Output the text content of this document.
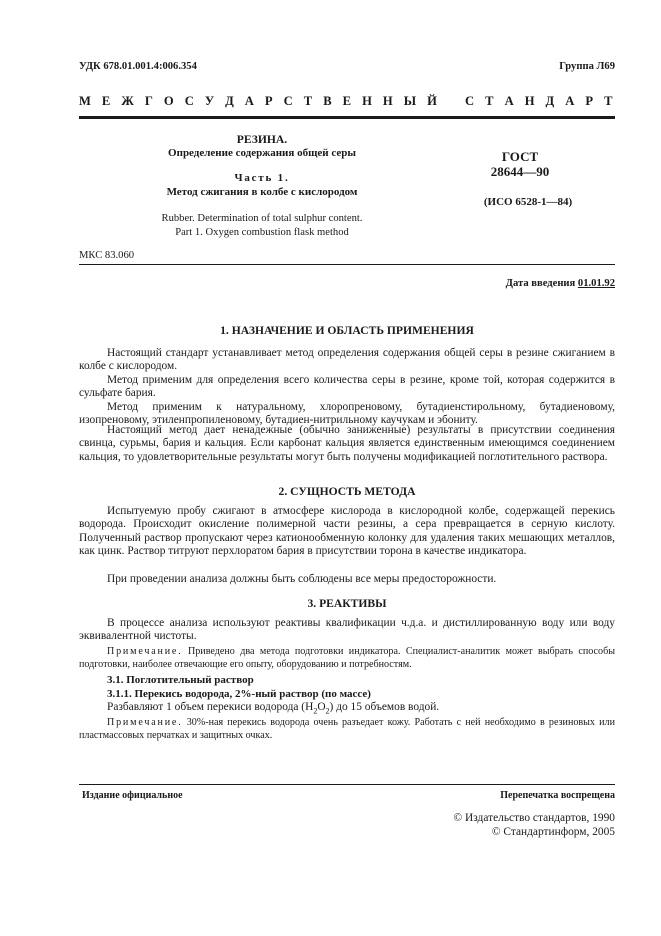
УДК 678.01.001.4:006.354	Группа Л69
М Е Ж Г О С У Д А Р С Т В Е Н Н Ы Й   С Т А Н Д А Р Т
РЕЗИНА.
Определение содержания общей серы
Часть 1.
Метод сжигания в колбе с кислородом
Rubber. Determination of total sulphur content.
Part 1. Oxygen combustion flask method
ГОСТ
28644—90
(ИСО 6528-1—84)
МКС 83.060
Дата введения 01.01.92
1. НАЗНАЧЕНИЕ И ОБЛАСТЬ ПРИМЕНЕНИЯ
Настоящий стандарт устанавливает метод определения содержания общей серы в резине сжиганием в колбе с кислородом.
Метод применим для определения всего количества серы в резине, кроме той, которая содержится в сульфате бария.
Метод применим к натуральному, хлоропреновому, бутадиенстирольному, бутадиеновому, изопреновому, этиленпропиленовому, бутадиен-нитрильному каучукам и эбониту.
Настоящий метод дает ненадежные (обычно заниженные) результаты в присутствии соединения свинца, сурьмы, бария и кальция. Если карбонат кальция является единственным имеющимся соединением кальция, то удовлетворительные результаты могут быть получены модификацией поглотительного раствора.
2. СУЩНОСТЬ МЕТОДА
Испытуемую пробу сжигают в атмосфере кислорода в кислородной колбе, содержащей перекись водорода. Происходит окисление полимерной части резины, а сера превращается в серную кислоту. Полученный раствор пропускают через катионообменную колонку для удаления таких мешающих металлов, как цинк. Раствор титруют перхлоратом бария в присутствии торона в качестве индикатора.
При проведении анализа должны быть соблюдены все меры предосторожности.
3. РЕАКТИВЫ
В процессе анализа используют реактивы квалификации ч.д.а. и дистиллированную воду или воду эквивалентной чистоты.
Примечание. Приведено два метода подготовки индикатора. Специалист-аналитик может выбрать способы подготовки, наиболее отвечающие его опыту, оборудованию и потребностям.
3.1. Поглотительный раствор
3.1.1. Перекись водорода, 2%-ный раствор (по массе)
Разбавляют 1 объем перекиси водорода $(H_2O_2)$ до 15 объемов водой.
Примечание. 30%-ная перекись водорода очень разъедает кожу. Работать с ней необходимо в резиновых или пластмассовых перчатках и защитных очках.
Издание официальное	Перепечатка воспрещена
© Издательство стандартов, 1990
© Стандартинформ, 2005
